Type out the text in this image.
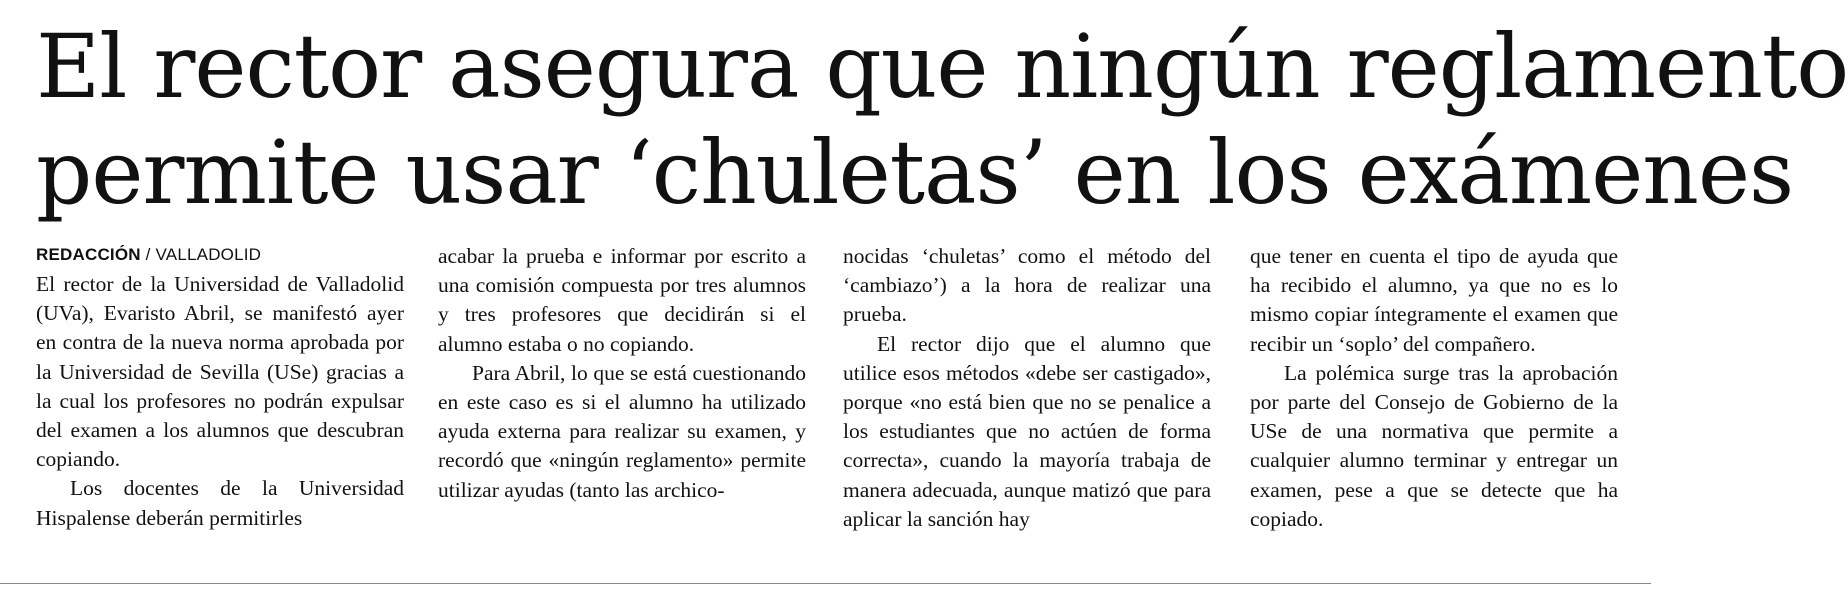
El rector asegura que ningún reglamento
permite usar ‘chuletas’ en los exámenes
REDACCIÓN / VALLADOLID

El rector de la Universidad de Valladolid (UVa), Evaristo Abril, se manifestó ayer en contra de la nueva norma aprobada por la Universidad de Sevilla (USe) gracias a la cual los profesores no podrán expulsar del examen a los alumnos que descubran copiando.

Los docentes de la Universidad Hispalense deberán permitirles

acabar la prueba e informar por escrito a una comisión compuesta por tres alumnos y tres profesores que decidirán si el alumno estaba o no copiando.

Para Abril, lo que se está cuestionando en este caso es si el alumno ha utilizado ayuda externa para realizar su examen, y recordó que «ningún reglamento» permite utilizar ayudas (tanto las archico-

nocidas ‘chuletas’ como el método del ‘cambiazo’) a la hora de realizar una prueba.

El rector dijo que el alumno que utilice esos métodos «debe ser castigado», porque «no está bien que no se penalice a los estudiantes que no actúen de forma correcta», cuando la mayoría trabaja de manera adecuada, aunque matizó que para aplicar la sanción hay

que tener en cuenta el tipo de ayuda que ha recibido el alumno, ya que no es lo mismo copiar íntegramente el examen que recibir un ‘soplo’ del compañero.

La polémica surge tras la aprobación por parte del Consejo de Gobierno de la USe de una normativa que permite a cualquier alumno terminar y entregar un examen, pese a que se detecte que ha copiado.
